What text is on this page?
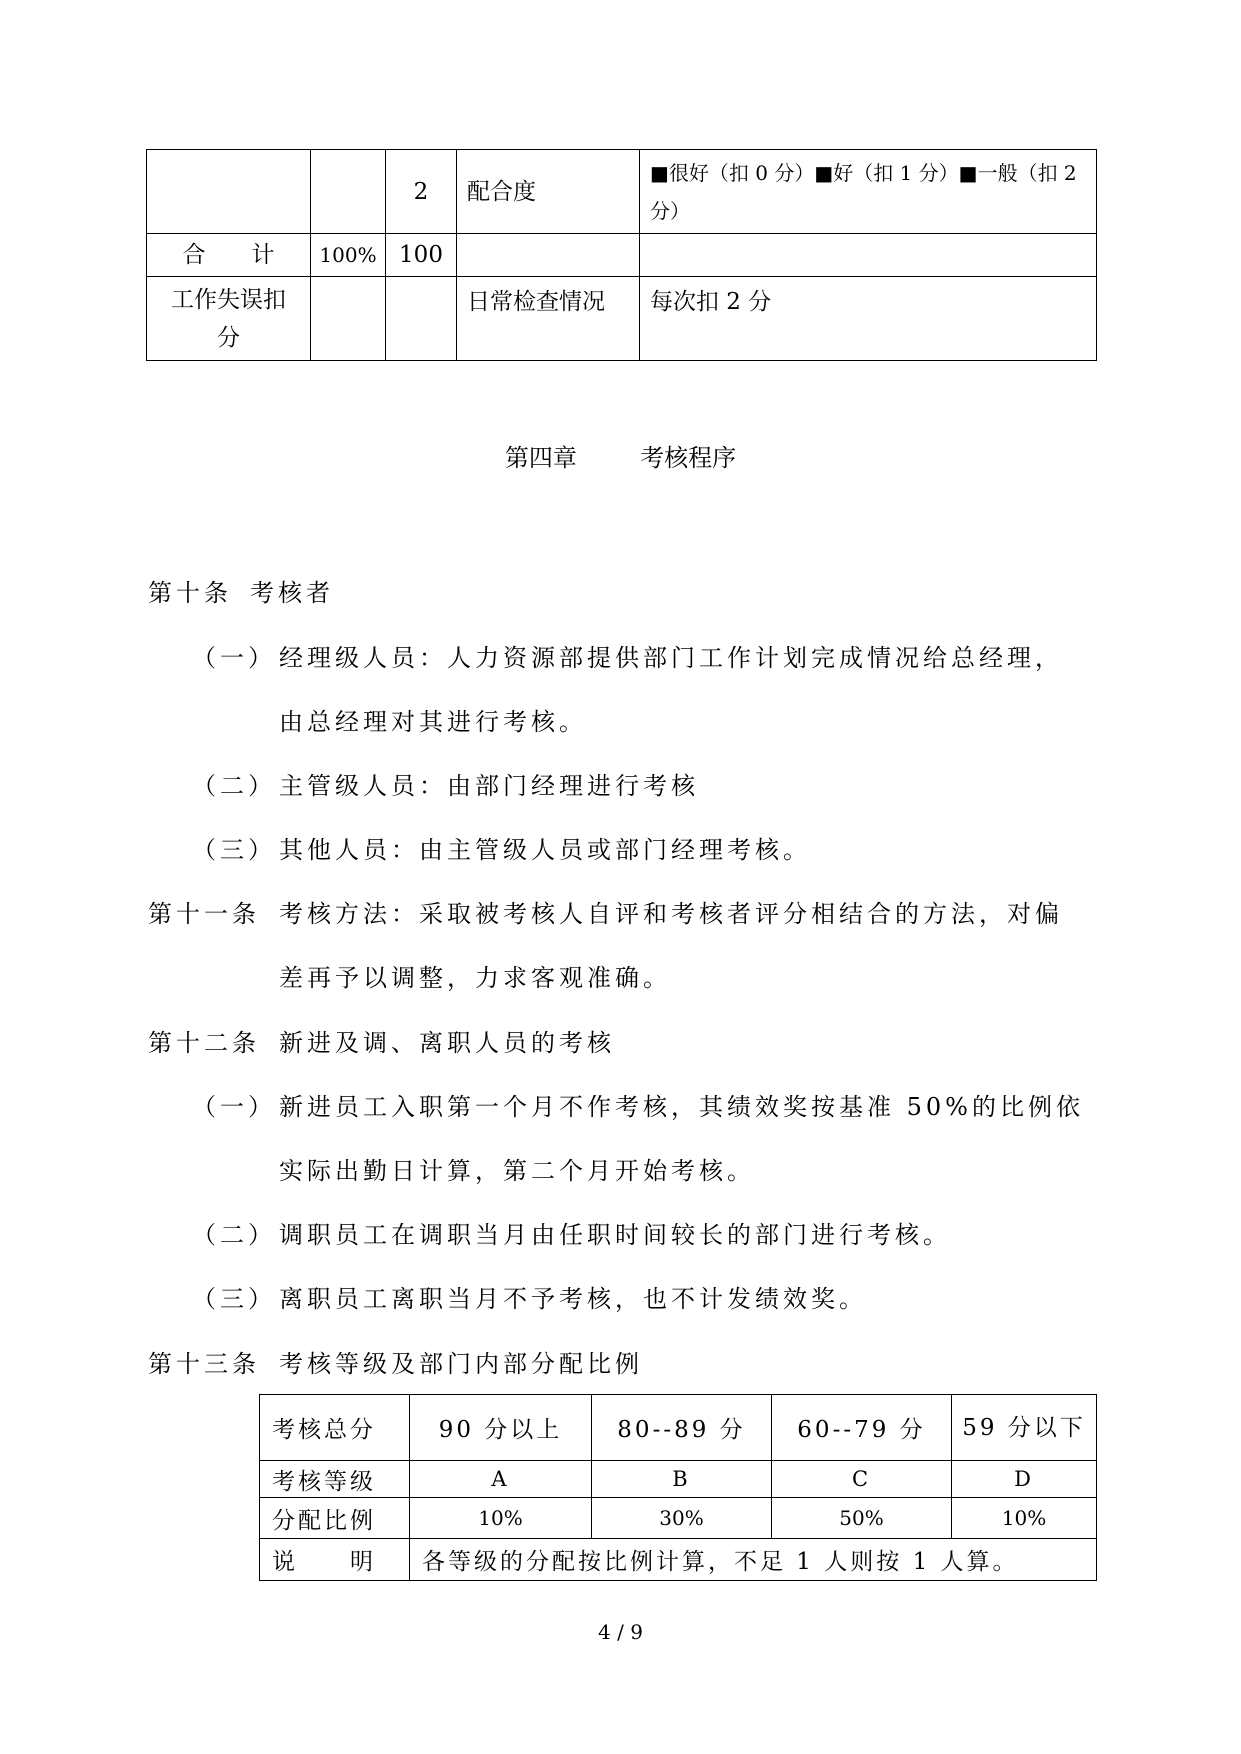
		2	配合度	■很好（扣 0 分）■好（扣 1 分）■一般（扣 2 分）
合　　计	100%	100		
工作失误扣分			日常检查情况	每次扣 2 分
第四章	考核程序
第十条 考核者
（一） 经理级人员：人力资源部提供部门工作计划完成情况给总经理，
由总经理对其进行考核。
（二） 主管级人员：由部门经理进行考核
（三） 其他人员：由主管级人员或部门经理考核。
第十一条 考核方法：采取被考核人自评和考核者评分相结合的方法，对偏
差再予以调整，力求客观准确。
第十二条 新进及调、离职人员的考核
（一） 新进员工入职第一个月不作考核，其绩效奖按基准 50%的比例依
实际出勤日计算，第二个月开始考核。
（二） 调职员工在调职当月由任职时间较长的部门进行考核。
（三） 离职员工离职当月不予考核，也不计发绩效奖。
第十三条 考核等级及部门内部分配比例
考核总分	90 分以上	80--89 分	60--79 分	59 分以下
考核等级	A	B	C	D
分配比例	10%	30%	50%	10%
说　　明	各等级的分配按比例计算，不足 1 人则按 1 人算。			
4 / 9
